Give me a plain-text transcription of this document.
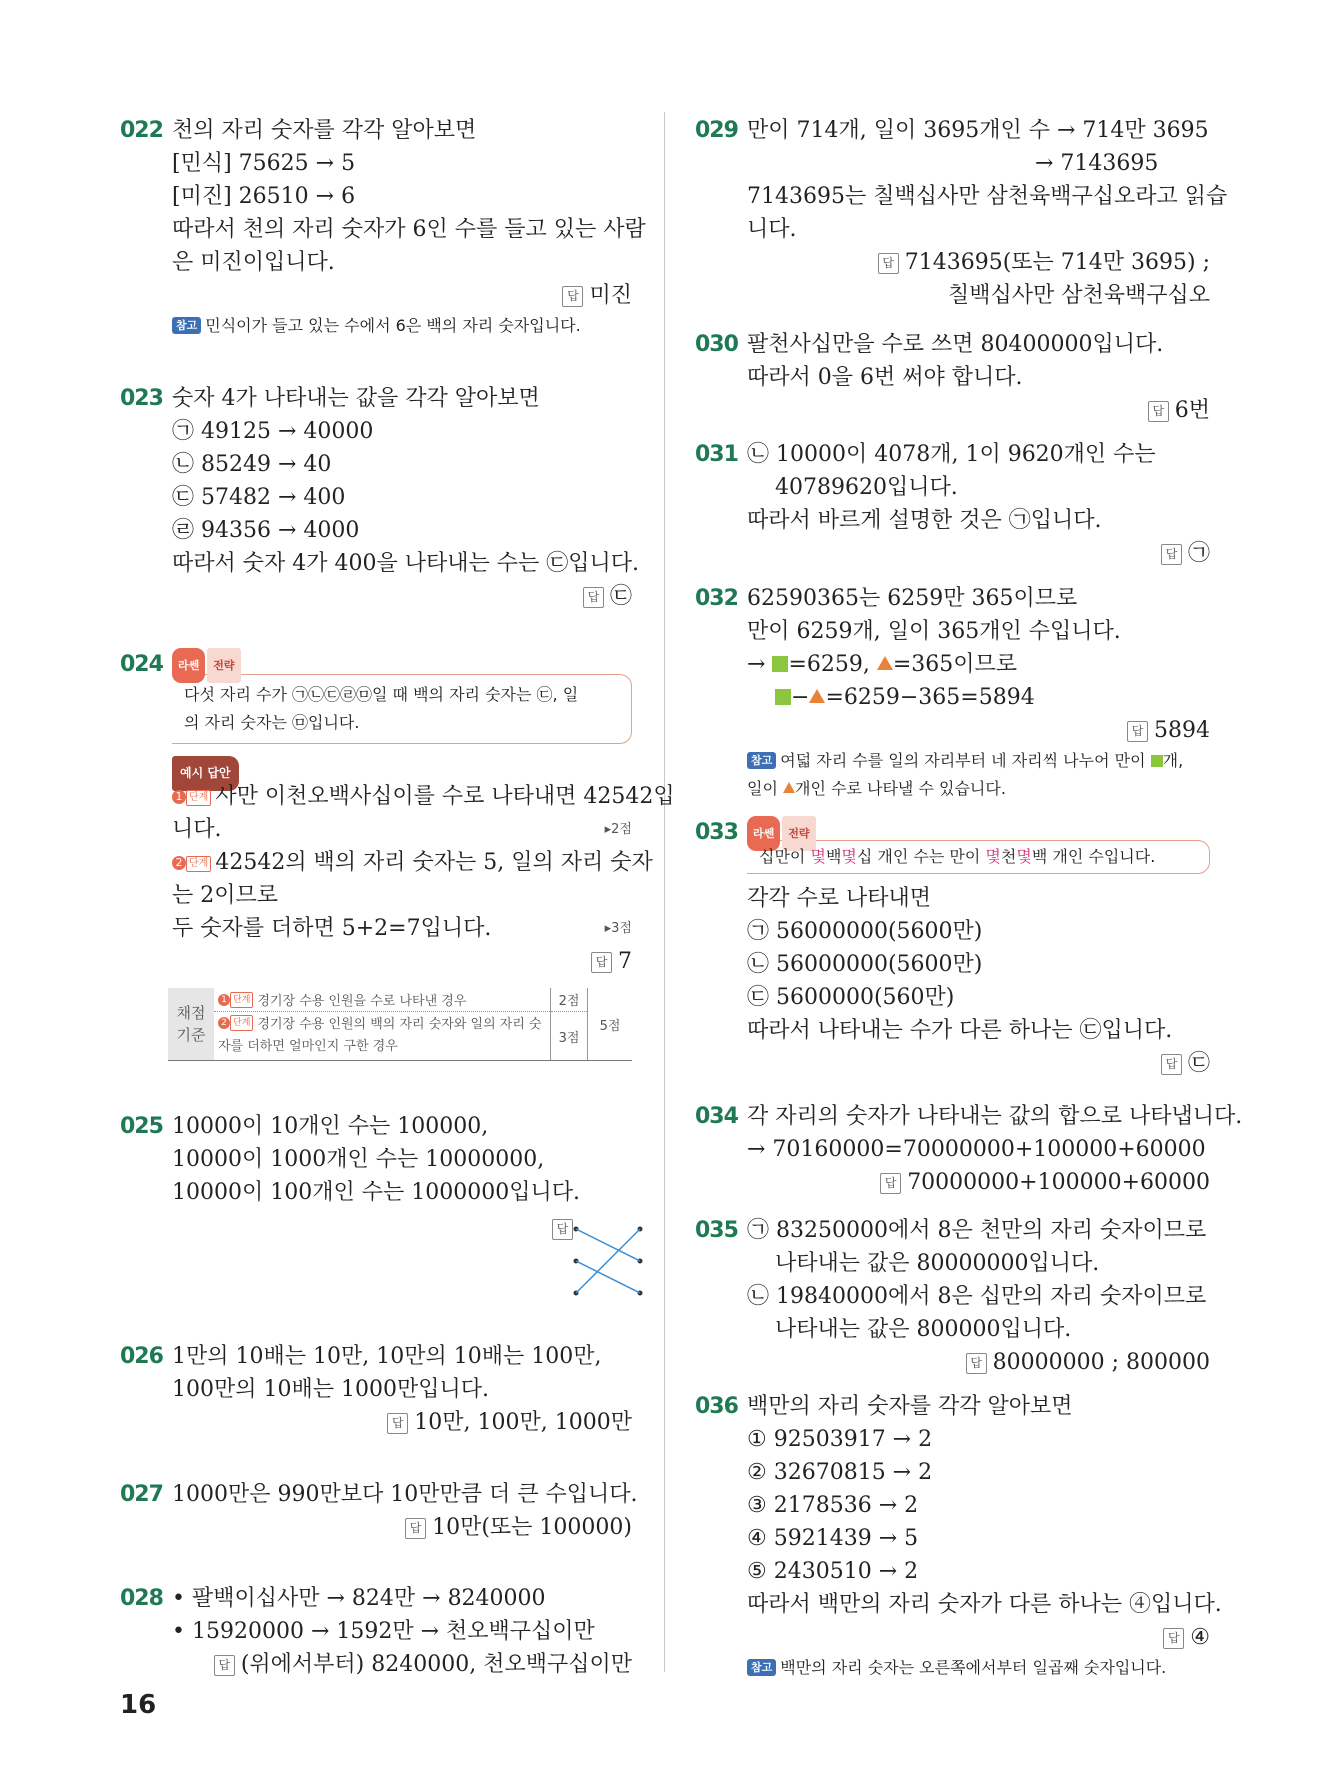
022 천의 자리 숫자를 각각 알아보면
[민식] 75625 → 5
[미진] 26510 → 6
따라서 천의 자리 숫자가 6인 수를 들고 있는 사람
은 미진이입니다.
답 미진
참고 민식이가 들고 있는 수에서 6은 백의 자리 숫자입니다.
023 숫자 4가 나타내는 값을 각각 알아보면
㉠ 49125 → 40000
㉡ 85249 → 40
㉢ 57482 → 400
㉣ 94356 → 4000
따라서 숫자 4가 400을 나타내는 수는 ㉢입니다.
답 ㉢
024	라쎈 전략
다섯 자리 수가 ㉠㉡㉢㉣㉤일 때 백의 자리 숫자는 ㉢, 일
의 자리 숫자는 ㉤입니다.
예시 답안
1 단계 사만 이천오백사십이를 수로 나타내면 42542입
니다.	▸2점
2 단계 42542의 백의 자리 숫자는 5, 일의 자리 숫자
는 2이므로
두 숫자를 더하면 5+2=7입니다.	▸3점
답 7
채점 기준	1 단계 경기장 수용 인원을 수로 나타낸 경우	2점	5점
	2 단계 경기장 수용 인원의 백의 자리 숫자와 일의 자리 숫자를 더하면 얼마인지 구한 경우	3점	
025 10000이 10개인 수는 100000,
10000이 1000개인 수는 10000000,
10000이 100개인 수는 1000000입니다.
답
026 1만의 10배는 10만, 10만의 10배는 100만,
100만의 10배는 1000만입니다.
답 10만, 100만, 1000만
027 1000만은 990만보다 10만만큼 더 큰 수입니다.
답 10만(또는 100000)
028 • 팔백이십사만 → 824만 → 8240000
• 15920000 → 1592만 → 천오백구십이만
답 (위에서부터) 8240000, 천오백구십이만
029 만이 714개, 일이 3695개인 수 → 714만 3695
→ 7143695
7143695는 칠백십사만 삼천육백구십오라고 읽습
니다.
답 7143695(또는 714만 3695) ;
칠백십사만 삼천육백구십오
030 팔천사십만을 수로 쓰면 80400000입니다.
따라서 0을 6번 써야 합니다.
답 6번
031 ㉡ 10000이 4078개, 1이 9620개인 수는
40789620입니다.
따라서 바르게 설명한 것은 ㉠입니다.
답 ㉠
032 62590365는 6259만 365이므로
만이 6259개, 일이 365개인 수입니다.
→ =6259, =365이므로
− =6259−365=5894
답 5894
참고 여덟 자리 수를 일의 자리부터 네 자리씩 나누어 만이 개,
일이 개인 수로 나타낼 수 있습니다.
033	라쎈 전략
십만이 몇백몇십 개인 수는 만이 몇천몇백 개인 수입니다.
각각 수로 나타내면
㉠ 56000000(5600만)
㉡ 56000000(5600만)
㉢ 5600000(560만)
따라서 나타내는 수가 다른 하나는 ㉢입니다.
답 ㉢
034 각 자리의 숫자가 나타내는 값의 합으로 나타냅니다.
→ 70160000=70000000+100000+60000
답 70000000+100000+60000
035 ㉠ 83250000에서 8은 천만의 자리 숫자이므로
나타내는 값은 80000000입니다.
㉡ 19840000에서 8은 십만의 자리 숫자이므로
나타내는 값은 800000입니다.
답 80000000 ; 800000
036 백만의 자리 숫자를 각각 알아보면
① 92503917 → 2
② 32670815 → 2
③ 2178536 → 2
④ 5921439 → 5
⑤ 2430510 → 2
따라서 백만의 자리 숫자가 다른 하나는 ④입니다.
답 ④
참고 백만의 자리 숫자는 오른쪽에서부터 일곱째 숫자입니다.
16
